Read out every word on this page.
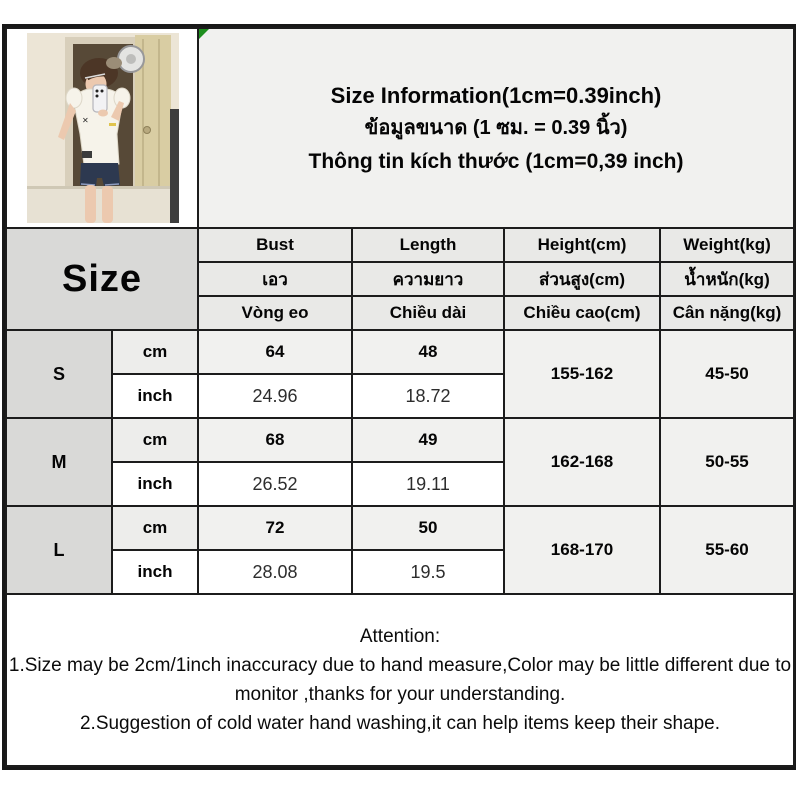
✕		Size Information(1cm=0.39inch)
ข้อมูลขนาด (1 ซม. = 0.39 นิ้ว)
Thông tin kích thước (1cm=0,39 inch)			

Size		Bust	Length	Height(cm)	Weight(kg)
		เอว	ความยาว	ส่วนสูง(cm)	น้ำหนัก(kg)
		Vòng eo	Chiều dài	Chiều cao(cm)	Cân nặng(kg)
S	cm	64	48	155-162	45-50
	inch	24.96	18.72		
M	cm	68	49	162-168	50-55
	inch	26.52	19.11		
L	cm	72	50	168-170	55-60
	inch	28.08	19.5		

Attention:
1.Size may be 2cm/1inch inaccuracy due to hand measure,Color may be little different due to monitor ,thanks for your understanding.
2.Suggestion of cold water hand washing,it can help items keep their shape.					
